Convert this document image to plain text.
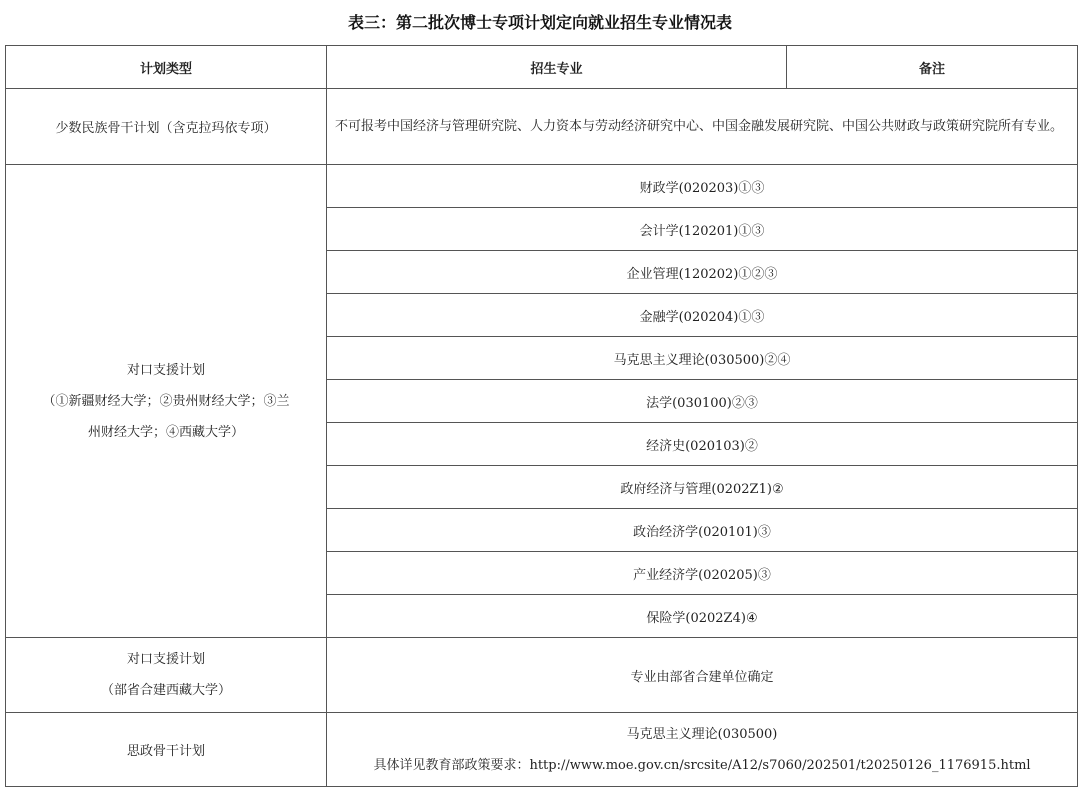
表三：第二批次博士专项计划定向就业招生专业情况表
计划类型	招生专业	备注
少数民族骨干计划（含克拉玛依专项）	不可报考中国经济与管理研究院、人力资本与劳动经济研究中心、中国金融发展研究院、中国公共财政与政策研究院所有专业。	

对口支援计划
（①新疆财经大学；②贵州财经大学；③兰
州财经大学；④西藏大学）	财政学(020203)①③	
	会计学(120201)①③	
	企业管理(120202)①②③	
	金融学(020204)①③	
	马克思主义理论(030500)②④	
	法学(030100)②③	
	经济史(020103)②	
	政府经济与管理(0202Z1)②	
	政治经济学(020101)③	
	产业经济学(020205)③	
	保险学(0202Z4)④	

对口支援计划
（部省合建西藏大学）	专业由部省合建单位确定	
思政骨干计划	马克思主义理论(030500)
具体详见教育部政策要求：http://www.moe.gov.cn/srcsite/A12/s7060/202501/t20250126_1176915.html	
